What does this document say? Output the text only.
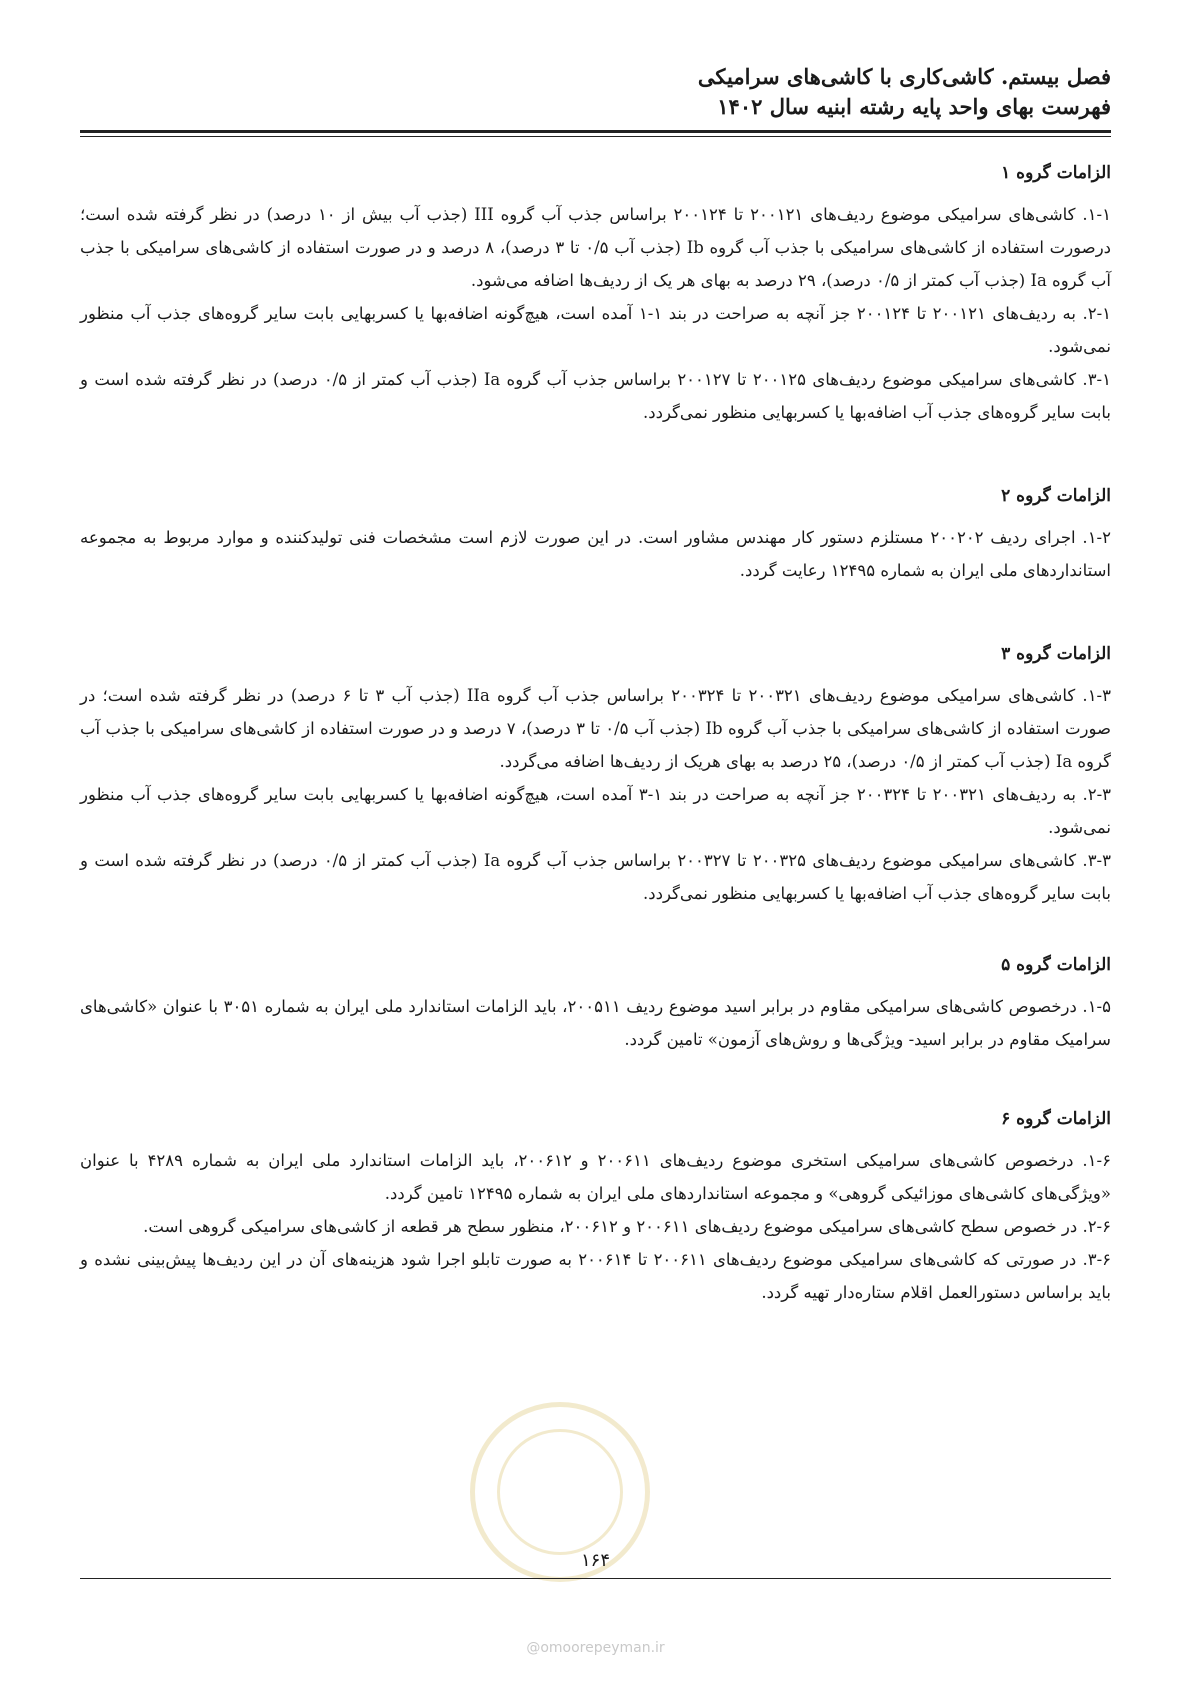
فصل بیستم. کاشی‌کاری با کاشی‌های سرامیکی
فهرست بهای واحد پایه رشته ابنیه سال ۱۴۰۲
الزامات گروه ۱

۱-۱. کاشی‌های سرامیکی موضوع ردیف‌های ۲۰۰۱۲۱ تا ۲۰۰۱۲۴ براساس جذب آب گروه III (جذب آب بیش از ۱۰ درصد) در نظر گرفته شده است؛ درصورت استفاده از کاشی‌های سرامیکی با جذب آب گروه Ib (جذب آب ۰/۵ تا ۳ درصد)، ۸ درصد و در صورت استفاده از کاشی‌های سرامیکی با جذب آب گروه Ia (جذب آب کمتر از ۰/۵ درصد)، ۲۹ درصد به بهای هر یک از ردیف‌ها اضافه می‌شود.

۲-۱. به ردیف‌های ۲۰۰۱۲۱ تا ۲۰۰۱۲۴ جز آنچه به صراحت در بند ۱-۱ آمده است، هیچ‌گونه اضافه‌بها یا کسربهایی بابت سایر گروه‌های جذب آب منظور نمی‌شود.

۳-۱. کاشی‌های سرامیکی موضوع ردیف‌های ۲۰۰۱۲۵ تا ۲۰۰۱۲۷ براساس جذب آب گروه Ia (جذب آب کمتر از ۰/۵ درصد) در نظر گرفته شده است و بابت سایر گروه‌های جذب آب اضافه‌بها یا کسربهایی منظور نمی‌گردد.

الزامات گروه ۲

۱-۲. اجرای ردیف ۲۰۰۲۰۲ مستلزم دستور کار مهندس مشاور است. در این صورت لازم است مشخصات فنی تولیدکننده و موارد مربوط به مجموعه استانداردهای ملی ایران به شماره ۱۲۴۹۵ رعایت گردد.

الزامات گروه ۳

۱-۳. کاشی‌های سرامیکی موضوع ردیف‌های ۲۰۰۳۲۱ تا ۲۰۰۳۲۴ براساس جذب آب گروه IIa (جذب آب ۳ تا ۶ درصد) در نظر گرفته شده است؛ در صورت استفاده از کاشی‌های سرامیکی با جذب آب گروه Ib (جذب آب ۰/۵ تا ۳ درصد)، ۷ درصد و در صورت استفاده از کاشی‌های سرامیکی با جذب آب گروه Ia (جذب آب کمتر از ۰/۵ درصد)، ۲۵ درصد به بهای هریک از ردیف‌ها اضافه می‌گردد.

۲-۳. به ردیف‌های ۲۰۰۳۲۱ تا ۲۰۰۳۲۴ جز آنچه به صراحت در بند ۱-۳ آمده است، هیچ‌گونه اضافه‌بها یا کسربهایی بابت سایر گروه‌های جذب آب منظور نمی‌شود.

۳-۳. کاشی‌های سرامیکی موضوع ردیف‌های ۲۰۰۳۲۵ تا ۲۰۰۳۲۷ براساس جذب آب گروه Ia (جذب آب کمتر از ۰/۵ درصد) در نظر گرفته شده است و بابت سایر گروه‌های جذب آب اضافه‌بها یا کسربهایی منظور نمی‌گردد.

الزامات گروه ۵

۱-۵. درخصوص کاشی‌های سرامیکی مقاوم در برابر اسید موضوع ردیف ۲۰۰۵۱۱، باید الزامات استاندارد ملی ایران به شماره ۳۰۵۱ با عنوان «کاشی‌های سرامیک مقاوم در برابر اسید- ویژگی‌ها و روش‌های آزمون» تامین گردد.

الزامات گروه ۶

۱-۶. درخصوص کاشی‌های سرامیکی استخری موضوع ردیف‌های ۲۰۰۶۱۱ و ۲۰۰۶۱۲، باید الزامات استاندارد ملی ایران به شماره ۴۲۸۹ با عنوان «ویژگی‌های کاشی‌های موزائیکی گروهی» و مجموعه استانداردهای ملی ایران به شماره ۱۲۴۹۵ تامین گردد.

۲-۶. در خصوص سطح کاشی‌های سرامیکی موضوع ردیف‌های ۲۰۰۶۱۱ و ۲۰۰۶۱۲، منظور سطح هر قطعه از کاشی‌های سرامیکی گروهی است.

۳-۶. در صورتی که کاشی‌های سرامیکی موضوع ردیف‌های ۲۰۰۶۱۱ تا ۲۰۰۶۱۴ به صورت تابلو اجرا شود هزینه‌های آن در این ردیف‌ها پیش‌بینی نشده و باید براساس دستورالعمل اقلام ستاره‌دار تهیه گردد.

۱۶۴
@omoorepeyman.ir
